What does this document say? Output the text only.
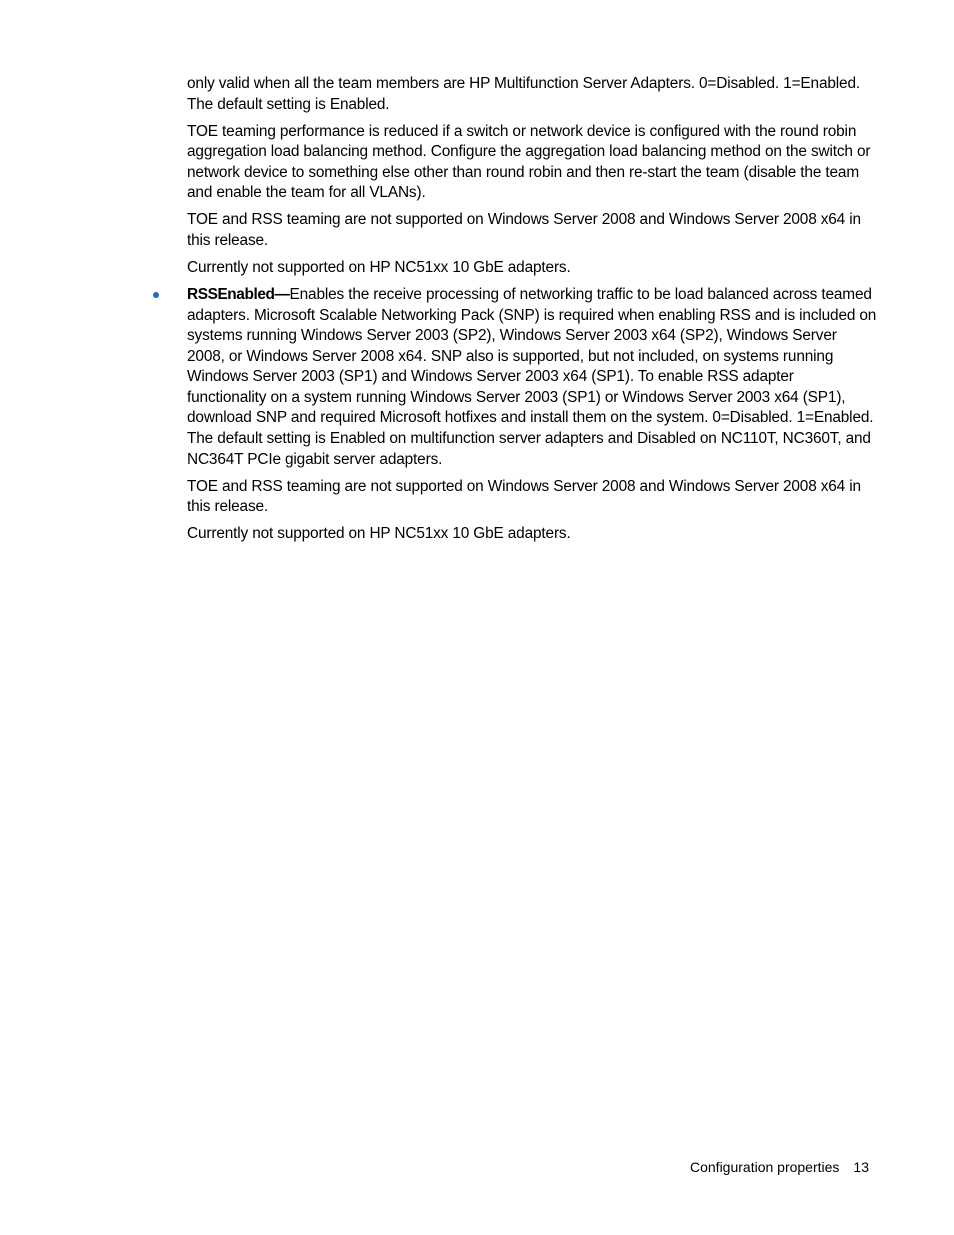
only valid when all the team members are HP Multifunction Server Adapters. 0=Disabled. 1=Enabled. The default setting is Enabled.

TOE teaming performance is reduced if a switch or network device is configured with the round robin aggregation load balancing method. Configure the aggregation load balancing method on the switch or network device to something else other than round robin and then re-start the team (disable the team and enable the team for all VLANs).

TOE and RSS teaming are not supported on Windows Server 2008 and Windows Server 2008 x64 in this release.

Currently not supported on HP NC51xx 10 GbE adapters.

RSSEnabled—Enables the receive processing of networking traffic to be load balanced across teamed adapters. Microsoft Scalable Networking Pack (SNP) is required when enabling RSS and is included on systems running Windows Server 2003 (SP2), Windows Server 2003 x64 (SP2), Windows Server 2008, or Windows Server 2008 x64. SNP also is supported, but not included, on systems running Windows Server 2003 (SP1) and Windows Server 2003 x64 (SP1). To enable RSS adapter functionality on a system running Windows Server 2003 (SP1) or Windows Server 2003 x64 (SP1), download SNP and required Microsoft hotfixes and install them on the system. 0=Disabled. 1=Enabled. The default setting is Enabled on multifunction server adapters and Disabled on NC110T, NC360T, and NC364T PCIe gigabit server adapters.

TOE and RSS teaming are not supported on Windows Server 2008 and Windows Server 2008 x64 in this release.

Currently not supported on HP NC51xx 10 GbE adapters.

Configuration properties 13
